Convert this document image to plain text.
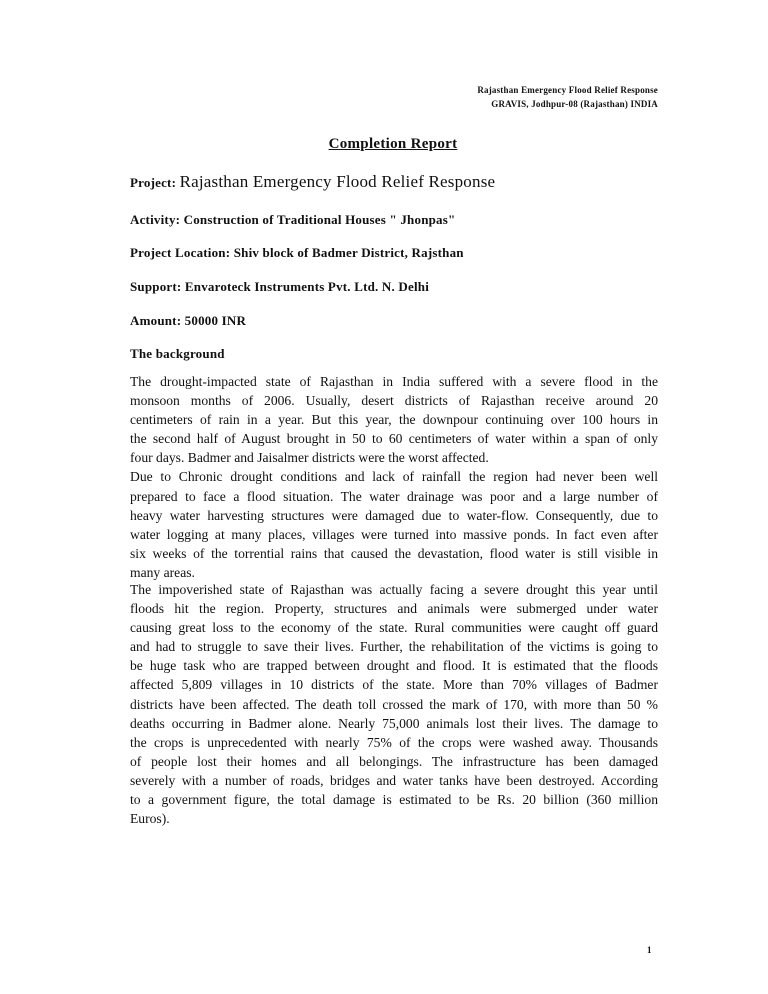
Rajasthan Emergency Flood Relief Response
GRAVIS, Jodhpur-08 (Rajasthan) INDIA
Completion Report
Project: Rajasthan Emergency Flood Relief Response
Activity: Construction of Traditional Houses " Jhonpas"
Project Location: Shiv block of Badmer District, Rajsthan
Support: Envaroteck Instruments Pvt. Ltd. N. Delhi
Amount: 50000 INR
The background
The drought-impacted state of Rajasthan in India suffered with a severe flood in the
monsoon months of 2006. Usually, desert districts of Rajasthan receive around 20
centimeters of rain in a year. But this year, the downpour continuing over 100 hours in
the second half of August brought in 50 to 60 centimeters of water within a span of only
four days. Badmer and Jaisalmer districts were the worst affected.
Due to Chronic drought conditions and lack of rainfall the region had never been well
prepared to face a flood situation. The water drainage was poor and a large number of
heavy water harvesting structures were damaged due to water-flow. Consequently, due to
water logging at many places, villages were turned into massive ponds. In fact even after
six weeks of the torrential rains that caused the devastation, flood water is still visible in
many areas.
The impoverished state of Rajasthan was actually facing a severe drought this year until
floods hit the region. Property, structures and animals were submerged under water
causing great loss to the economy of the state. Rural communities were caught off guard
and had to struggle to save their lives. Further, the rehabilitation of the victims is going to
be huge task who are trapped between drought and flood. It is estimated that the floods
affected 5,809 villages in 10 districts of the state. More than 70% villages of Badmer
districts have been affected. The death toll crossed the mark of 170, with more than 50 %
deaths occurring in Badmer alone. Nearly 75,000 animals lost their lives. The damage to
the crops is unprecedented with nearly 75% of the crops were washed away. Thousands
of people lost their homes and all belongings. The infrastructure has been damaged
severely with a number of roads, bridges and water tanks have been destroyed. According
to a government figure, the total damage is estimated to be Rs. 20 billion (360 million
Euros).
1
